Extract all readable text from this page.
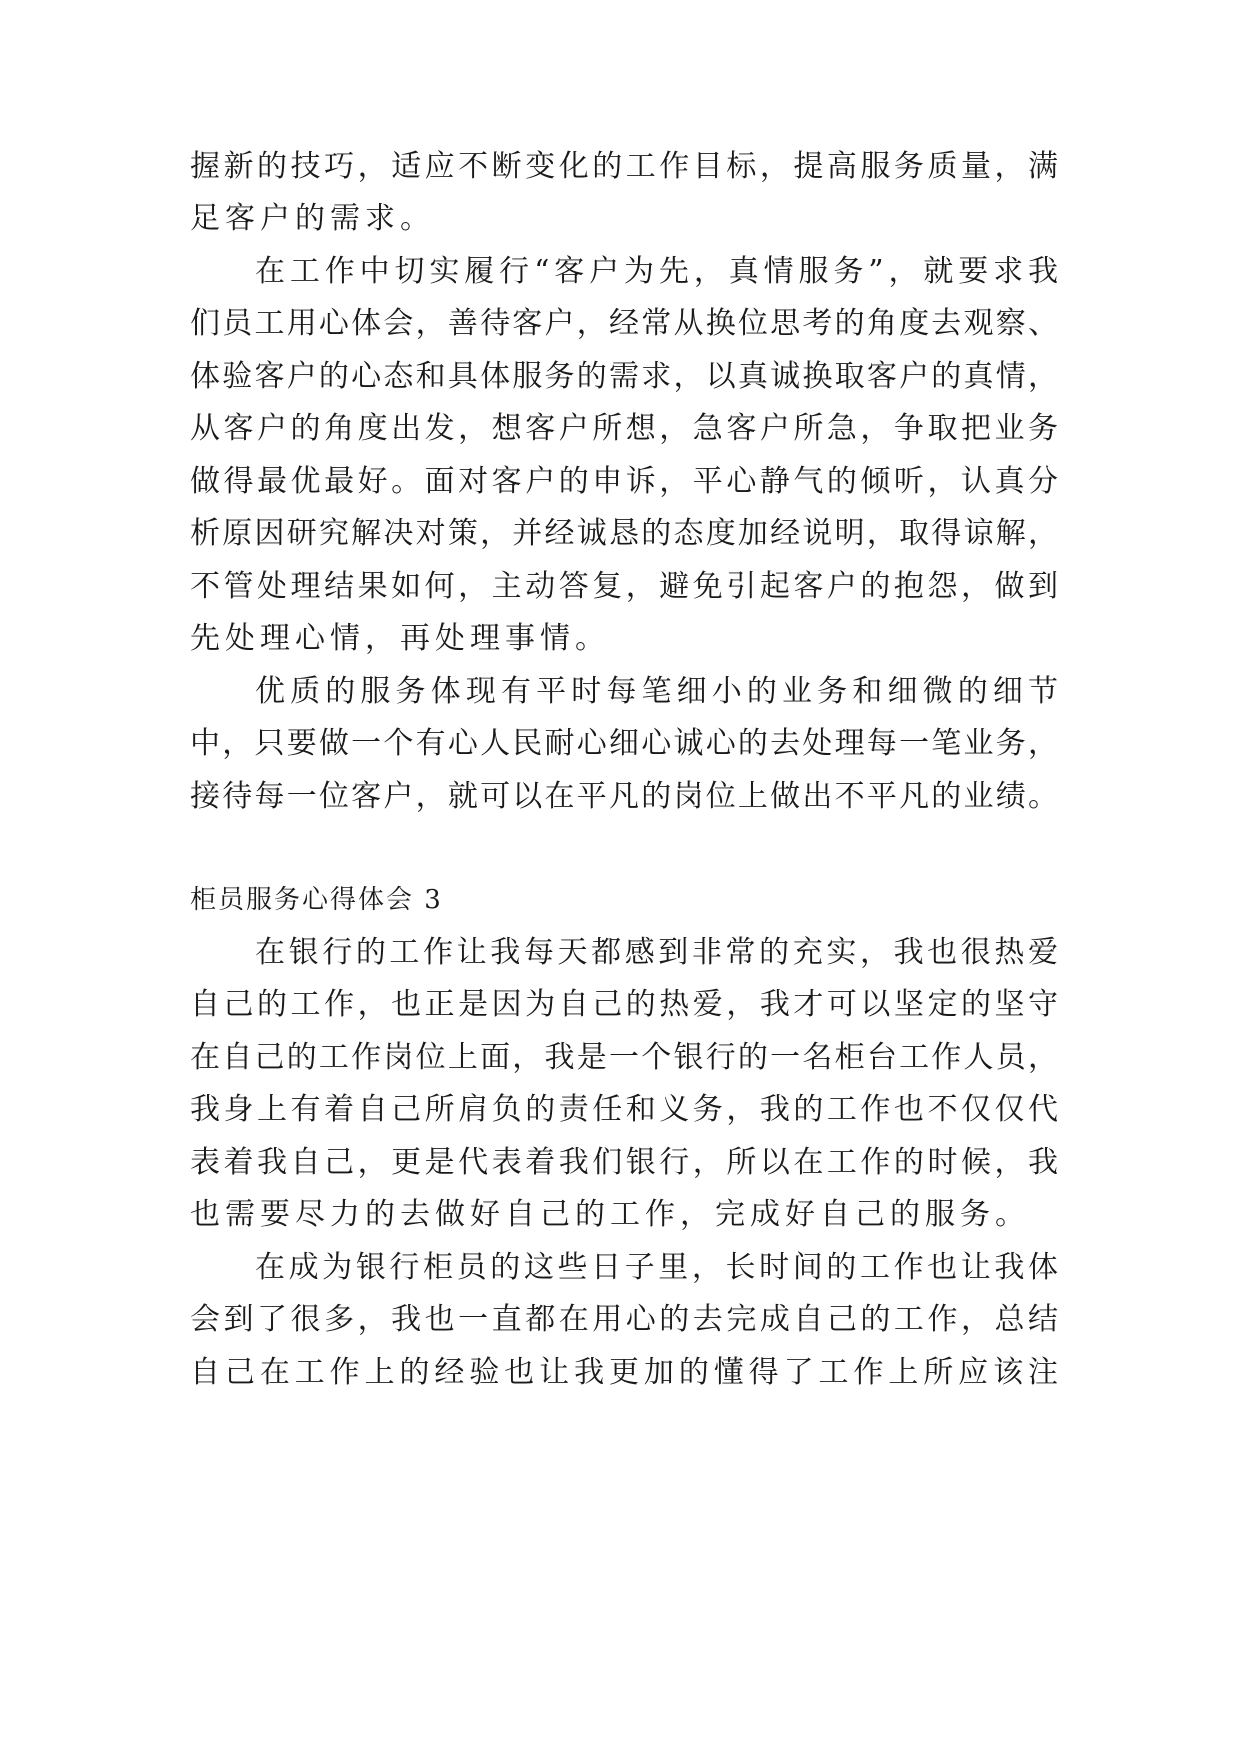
握新的技巧，适应不断变化的工作目标，提高服务质量，满
足客户的需求。
在工作中切实履行“客户为先，真情服务”，就要求我
们员工用心体会，善待客户，经常从换位思考的角度去观察、
体验客户的心态和具体服务的需求，以真诚换取客户的真情，
从客户的角度出发，想客户所想，急客户所急，争取把业务
做得最优最好。面对客户的申诉，平心静气的倾听，认真分
析原因研究解决对策，并经诚恳的态度加经说明，取得谅解，
不管处理结果如何，主动答复，避免引起客户的抱怨，做到
先处理心情，再处理事情。
优质的服务体现有平时每笔细小的业务和细微的细节
中，只要做一个有心人民耐心细心诚心的去处理每一笔业务，
接待每一位客户，就可以在平凡的岗位上做出不平凡的业绩。
柜员服务心得体会 3
在银行的工作让我每天都感到非常的充实，我也很热爱
自己的工作，也正是因为自己的热爱，我才可以坚定的坚守
在自己的工作岗位上面，我是一个银行的一名柜台工作人员，
我身上有着自己所肩负的责任和义务，我的工作也不仅仅代
表着我自己，更是代表着我们银行，所以在工作的时候，我
也需要尽力的去做好自己的工作，完成好自己的服务。
在成为银行柜员的这些日子里，长时间的工作也让我体
会到了很多，我也一直都在用心的去完成自己的工作，总结
自己在工作上的经验也让我更加的懂得了工作上所应该注
